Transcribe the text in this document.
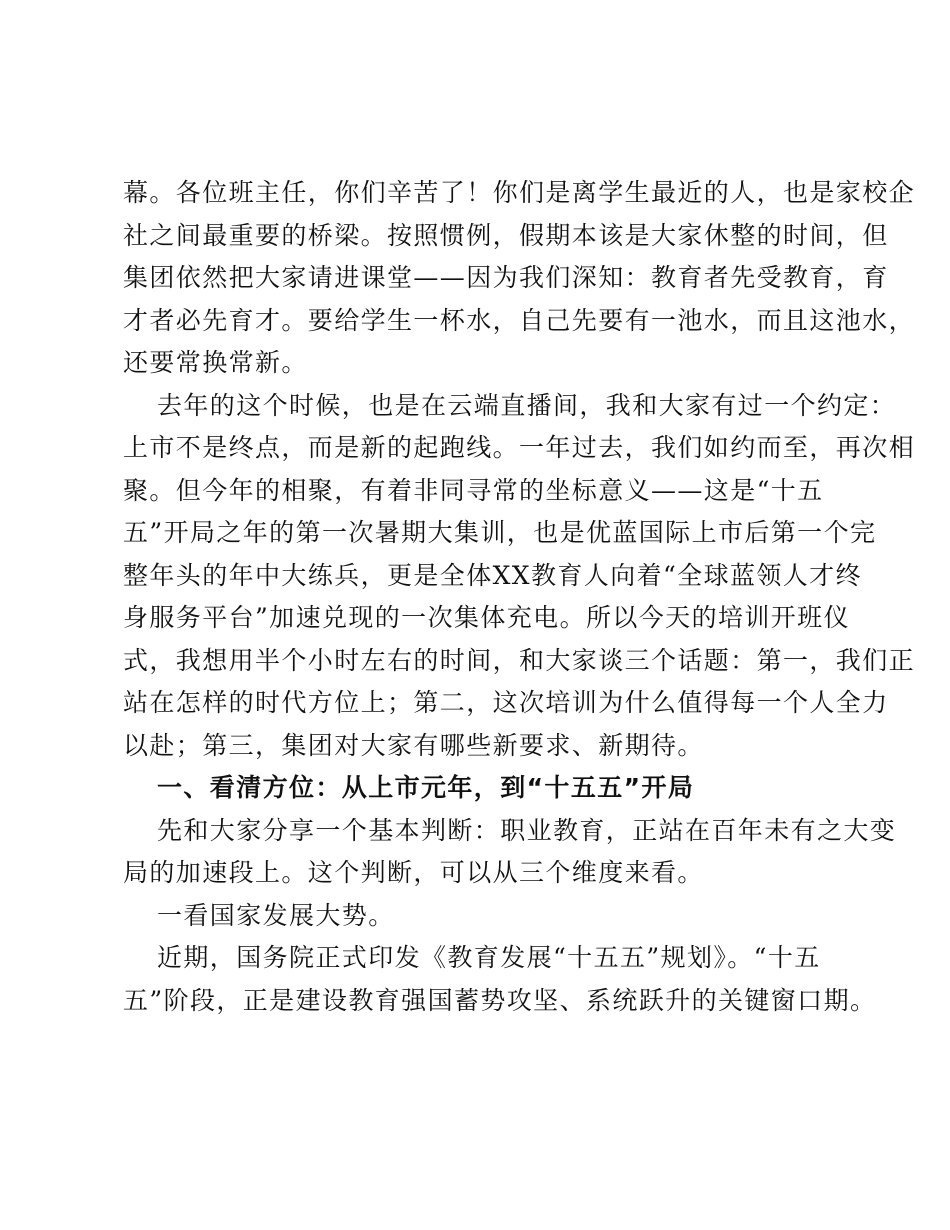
幕。各位班主任，你们辛苦了！你们是离学生最近的人，也是家校企
社之间最重要的桥梁。按照惯例，假期本该是大家休整的时间，但
集团依然把大家请进课堂——因为我们深知：教育者先受教育，育
才者必先育才。要给学生一杯水，自己先要有一池水，而且这池水，
还要常换常新。

去年的这个时候，也是在云端直播间，我和大家有过一个约定：
上市不是终点，而是新的起跑线。一年过去，我们如约而至，再次相
聚。但今年的相聚，有着非同寻常的坐标意义——这是“十五
五”开局之年的第一次暑期大集训，也是优蓝国际上市后第一个完
整年头的年中大练兵，更是全体XX教育人向着“全球蓝领人才终
身服务平台”加速兑现的一次集体充电。所以今天的培训开班仪
式，我想用半个小时左右的时间，和大家谈三个话题：第一，我们正
站在怎样的时代方位上；第二，这次培训为什么值得每一个人全力
以赴；第三，集团对大家有哪些新要求、新期待。

一、看清方位：从上市元年，到“十五五”开局

先和大家分享一个基本判断：职业教育，正站在百年未有之大变
局的加速段上。这个判断，可以从三个维度来看。

一看国家发展大势。

近期，国务院正式印发《教育发展“十五五”规划》。“十五
五”阶段，正是建设教育强国蓄势攻坚、系统跃升的关键窗口期。
